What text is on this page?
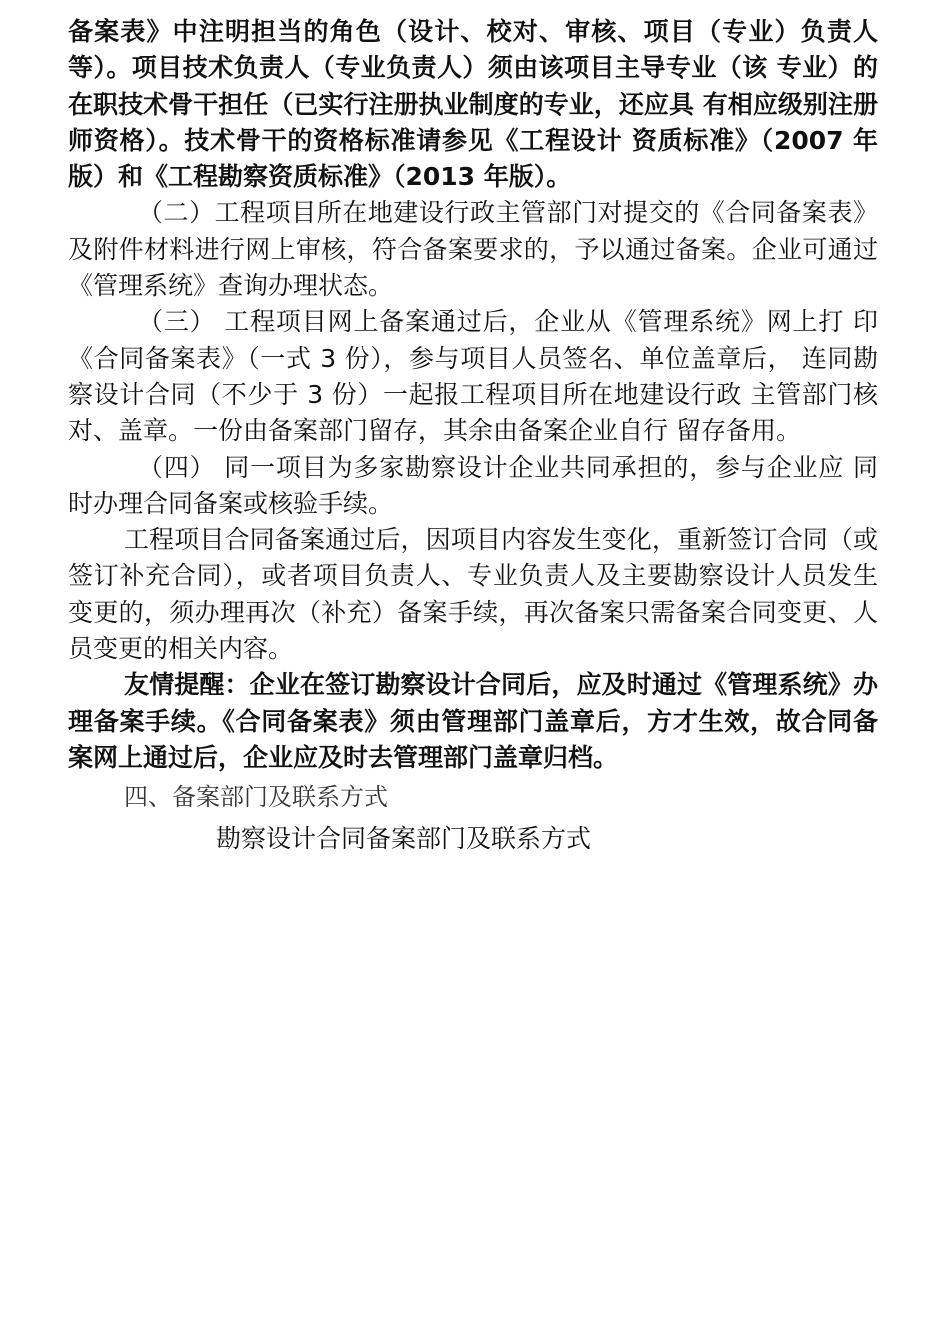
备案表》中注明担当的角色（设计、校对、审核、项目（专业）负责人等）。项目技术负责人（专业负责人）须由该项目主导专业（该 专业）的在职技术骨干担任（已实行注册执业制度的专业，还应具 有相应级别注册师资格）。技术骨干的资格标准请参见《工程设计 资质标准》（2007 年版）和《工程勘察资质标准》（2013 年版）。

（二）工程项目所在地建设行政主管部门对提交的《合同备案表》及附件材料进行网上审核，符合备案要求的，予以通过备案。企业可通过《管理系统》查询办理状态。

（三） 工程项目网上备案通过后，企业从《管理系统》网上打 印《合同备案表》（一式 3 份），参与项目人员签名、单位盖章后， 连同勘察设计合同（不少于 3 份）一起报工程项目所在地建设行政 主管部门核对、盖章。一份由备案部门留存，其余由备案企业自行 留存备用。

（四） 同一项目为多家勘察设计企业共同承担的，参与企业应 同时办理合同备案或核验手续。

工程项目合同备案通过后，因项目内容发生变化，重新签订合同（或签订补充合同），或者项目负责人、专业负责人及主要勘察设计人员发生变更的，须办理再次（补充）备案手续，再次备案只需备案合同变更、人员变更的相关内容。

友情提醒：企业在签订勘察设计合同后，应及时通过《管理系统》办理备案手续。《合同备案表》须由管理部门盖章后，方才生效，故合同备案网上通过后，企业应及时去管理部门盖章归档。

四、备案部门及联系方式
勘察设计合同备案部门及联系方式
